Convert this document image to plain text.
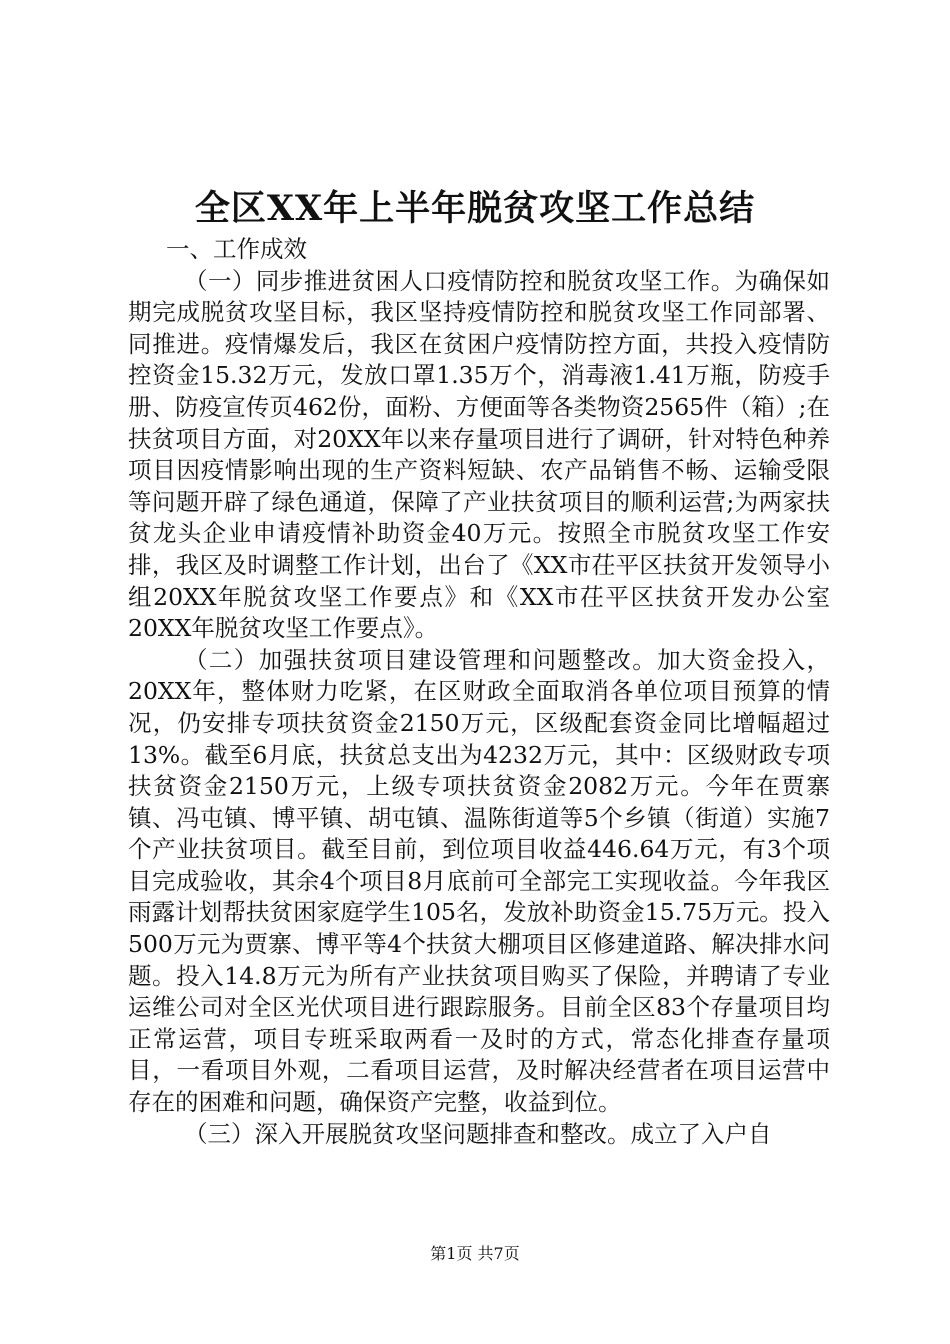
全区XX年上半年脱贫攻坚工作总结

一、工作成效

（一）同步推进贫困人口疫情防控和脱贫攻坚工作。为确保如期完成脱贫攻坚目标，我区坚持疫情防控和脱贫攻坚工作同部署、同推进。疫情爆发后，我区在贫困户疫情防控方面，共投入疫情防控资金15.32万元，发放口罩1.35万个，消毒液1.41万瓶，防疫手册、防疫宣传页462份，面粉、方便面等各类物资2565件（箱）;在扶贫项目方面，对20XX年以来存量项目进行了调研，针对特色种养项目因疫情影响出现的生产资料短缺、农产品销售不畅、运输受限等问题开辟了绿色通道，保障了产业扶贫项目的顺利运营;为两家扶贫龙头企业申请疫情补助资金40万元。按照全市脱贫攻坚工作安排，我区及时调整工作计划，出台了《XX市茌平区扶贫开发领导小组20XX年脱贫攻坚工作要点》和《XX市茌平区扶贫开发办公室20XX年脱贫攻坚工作要点》。

（二）加强扶贫项目建设管理和问题整改。加大资金投入，20XX年，整体财力吃紧，在区财政全面取消各单位项目预算的情况，仍安排专项扶贫资金2150万元，区级配套资金同比增幅超过13%。截至6月底，扶贫总支出为4232万元，其中：区级财政专项扶贫资金2150万元，上级专项扶贫资金2082万元。今年在贾寨镇、冯屯镇、博平镇、胡屯镇、温陈街道等5个乡镇（街道）实施7个产业扶贫项目。截至目前，到位项目收益446.64万元，有3个项目完成验收，其余4个项目8月底前可全部完工实现收益。今年我区雨露计划帮扶贫困家庭学生105名，发放补助资金15.75万元。投入500万元为贾寨、博平等4个扶贫大棚项目区修建道路、解决排水问题。投入14.8万元为所有产业扶贫项目购买了保险，并聘请了专业运维公司对全区光伏项目进行跟踪服务。目前全区83个存量项目均正常运营，项目专班采取两看一及时的方式，常态化排查存量项目，一看项目外观，二看项目运营，及时解决经营者在项目运营中存在的困难和问题，确保资产完整，收益到位。

（三）深入开展脱贫攻坚问题排查和整改。成立了入户自

第1页 共7页
